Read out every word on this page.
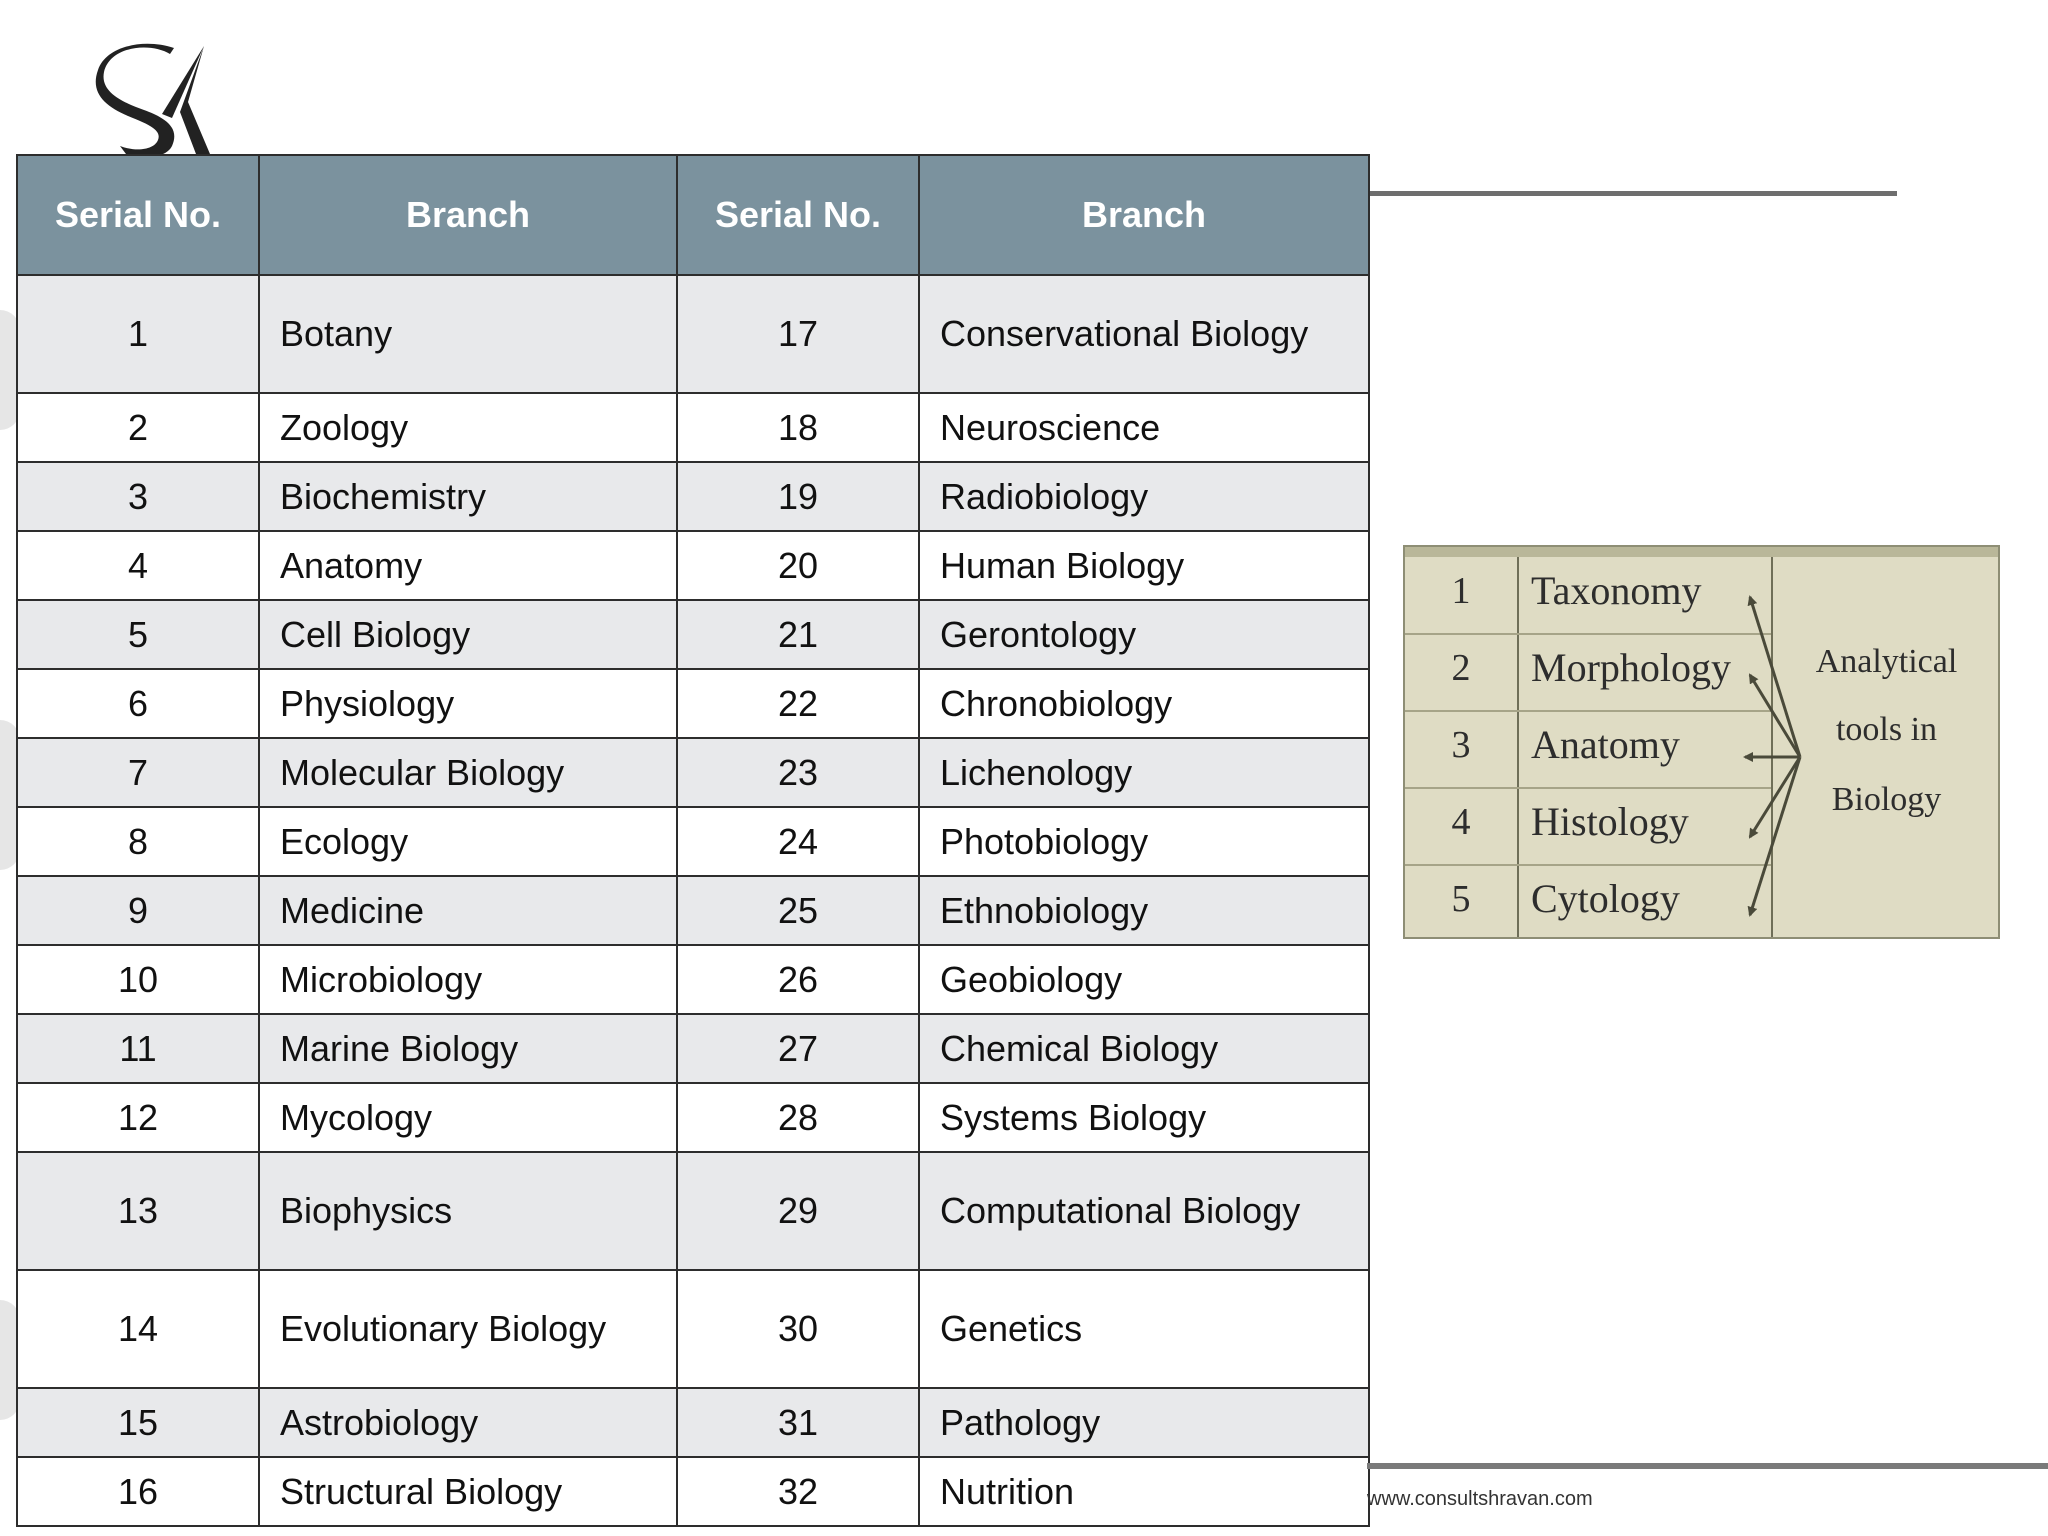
Serial No.	Branch	Serial No.	Branch
1	Botany	17	Conservational Biology
2	Zoology	18	Neuroscience
3	Biochemistry	19	Radiobiology
4	Anatomy	20	Human Biology
5	Cell Biology	21	Gerontology
6	Physiology	22	Chronobiology
7	Molecular Biology	23	Lichenology
8	Ecology	24	Photobiology
9	Medicine	25	Ethnobiology
10	Microbiology	26	Geobiology
11	Marine Biology	27	Chemical Biology
12	Mycology	28	Systems Biology
13	Biophysics	29	Computational Biology
14	Evolutionary Biology	30	Genetics
15	Astrobiology	31	Pathology
16	Structural Biology	32	Nutrition
1	Taxonomy
2	Morphology
3	Anatomy
4	Histology
5	Cytology
Analytical
tools in
Biology
www.consultshravan.com
